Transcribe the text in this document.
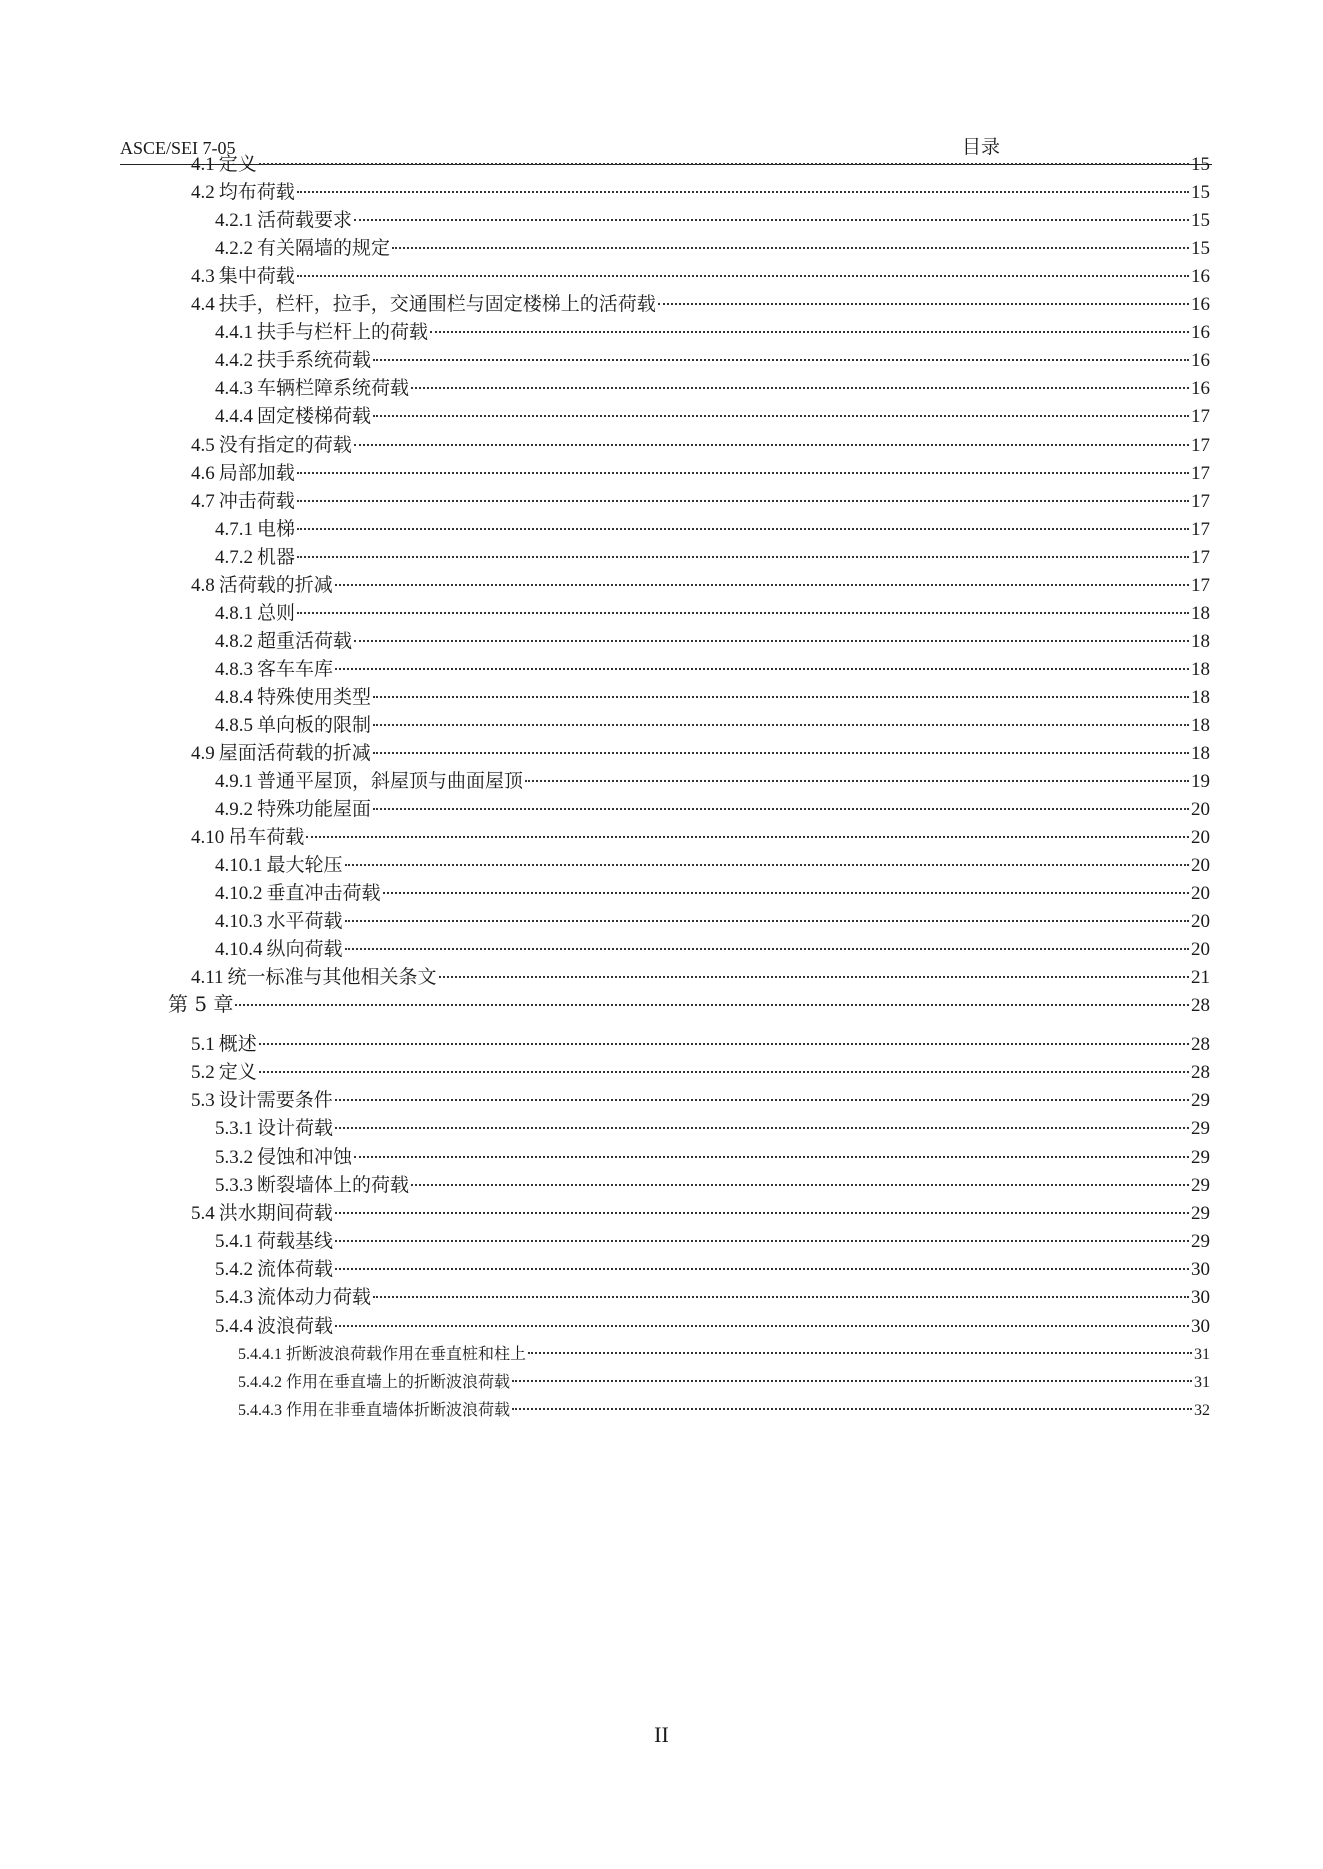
ASCE/SEI 7-05	目录
4.1 定义	15
4.2 均布荷载	15
4.2.1 活荷载要求	15
4.2.2 有关隔墙的规定	15
4.3 集中荷载	16
4.4 扶手，栏杆，拉手，交通围栏与固定楼梯上的活荷载	16
4.4.1 扶手与栏杆上的荷载	16
4.4.2 扶手系统荷载	16
4.4.3 车辆栏障系统荷载	16
4.4.4 固定楼梯荷载	17
4.5 没有指定的荷载	17
4.6 局部加载	17
4.7 冲击荷载	17
4.7.1 电梯	17
4.7.2 机器	17
4.8 活荷载的折减	17
4.8.1 总则	18
4.8.2 超重活荷载	18
4.8.3 客车车库	18
4.8.4 特殊使用类型	18
4.8.5 单向板的限制	18
4.9 屋面活荷载的折减	18
4.9.1 普通平屋顶，斜屋顶与曲面屋顶	19
4.9.2 特殊功能屋面	20
4.10 吊车荷载	20
4.10.1 最大轮压	20
4.10.2 垂直冲击荷载	20
4.10.3 水平荷载	20
4.10.4 纵向荷载	20
4.11 统一标准与其他相关条文	21
第 5 章	28
5.1 概述	28
5.2 定义	28
5.3 设计需要条件	29
5.3.1 设计荷载	29
5.3.2 侵蚀和冲蚀	29
5.3.3 断裂墙体上的荷载	29
5.4 洪水期间荷载	29
5.4.1 荷载基线	29
5.4.2 流体荷载	30
5.4.3 流体动力荷载	30
5.4.4 波浪荷载	30
5.4.4.1 折断波浪荷载作用在垂直桩和柱上	31
5.4.4.2 作用在垂直墙上的折断波浪荷载	31
5.4.4.3 作用在非垂直墙体折断波浪荷载	32
II
